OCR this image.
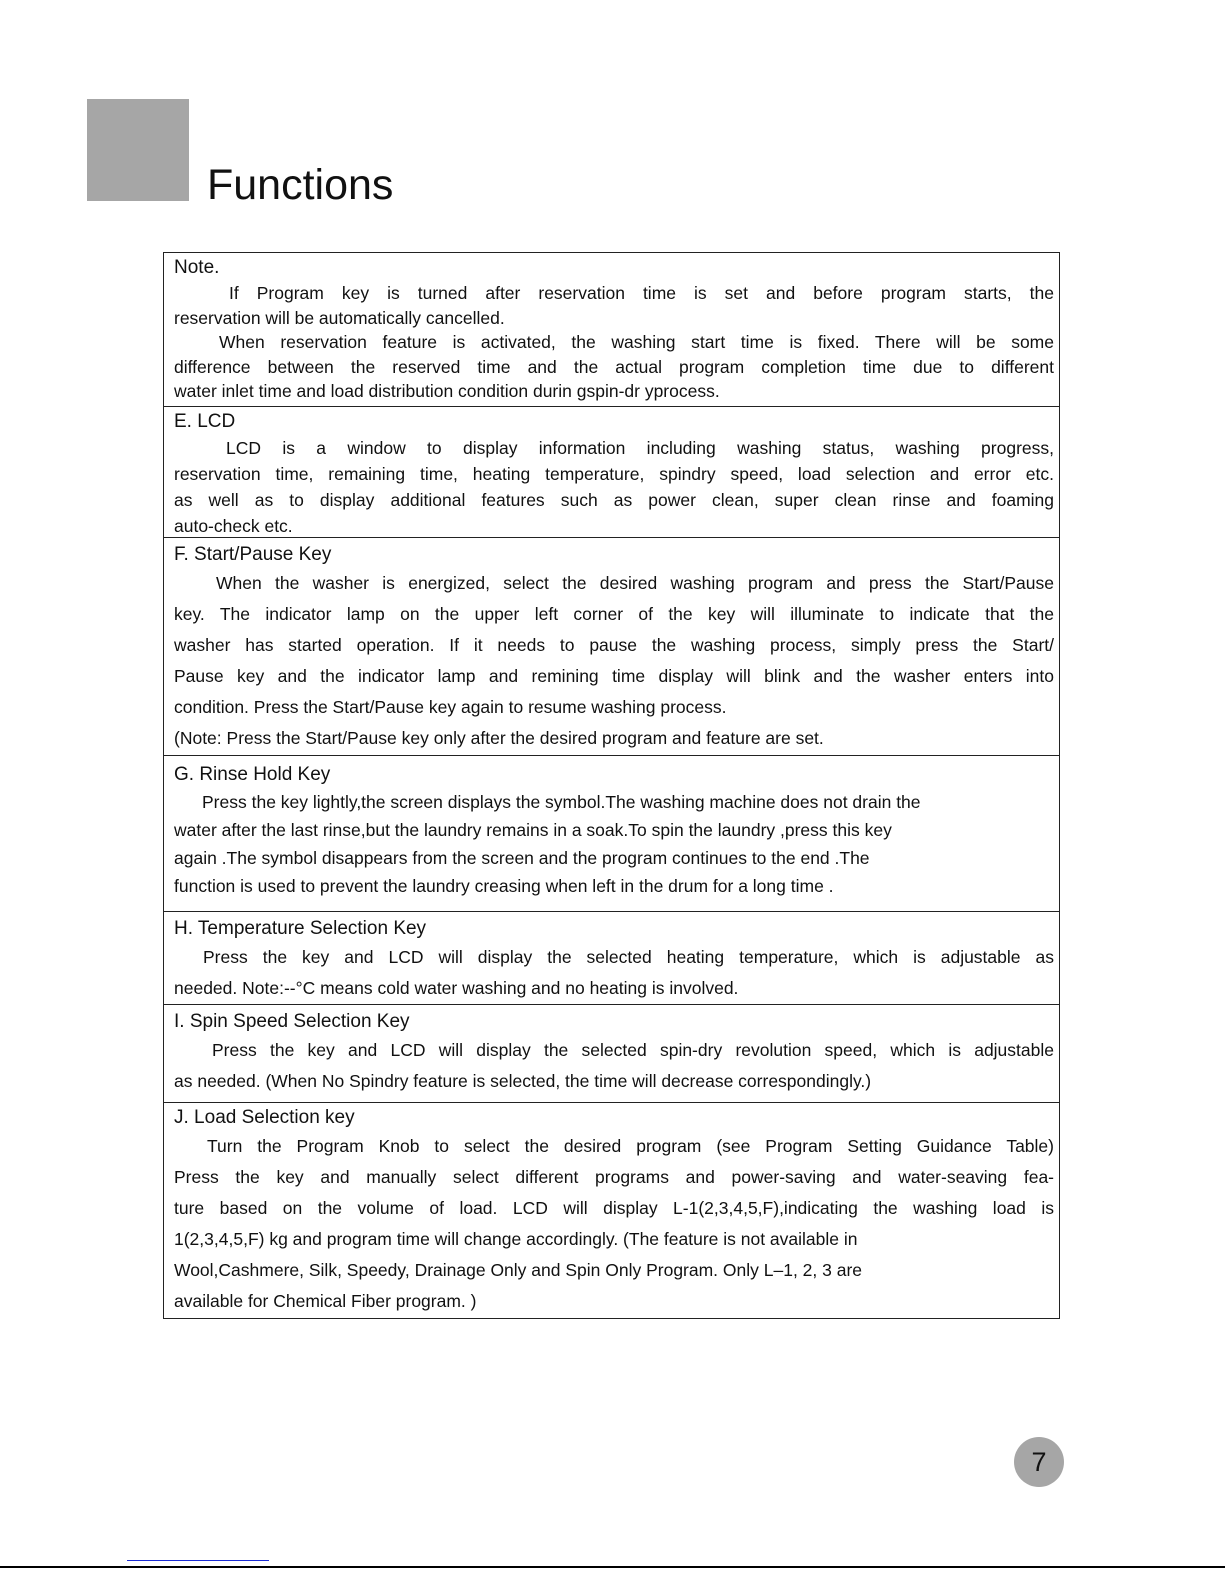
Functions
Note.
If Program key is turned after reservation time is set and before program starts, the
reservation will be automatically cancelled.
When reservation feature is activated, the washing start time is fixed. There will be some
difference between the reserved time and the actual program completion time due to different
water inlet time and load distribution condition durin gspin-dr yprocess.
E. LCD
LCD is a window to display information including washing status, washing progress,
reservation time, remaining time, heating temperature, spindry speed, load selection and error etc.
as well as to display additional features such as power clean, super clean rinse and foaming
auto-check etc.
F. Start/Pause Key
When the washer is energized, select the desired washing program and press the Start/Pause
key. The indicator lamp on the upper left corner of the key will illuminate to indicate that the
washer has started operation. If it needs to pause the washing process, simply press the Start/
Pause key and the indicator lamp and remining time display will blink and the washer enters into
condition. Press the Start/Pause key again to resume washing process.
(Note: Press the Start/Pause key only after the desired program and feature are set.
G. Rinse Hold Key
Press the key lightly,the screen displays the symbol.The washing machine does not drain the
water after the last rinse,but the laundry remains in a soak.To spin the laundry ,press this key
again .The symbol disappears from the screen and the program continues to the end .The
function is used to prevent the laundry creasing when left in the drum for a long time .
H. Temperature Selection Key
Press the key and LCD will display the selected heating temperature, which is adjustable as
needed. Note:--°C means cold water washing and no heating is involved.
I. Spin Speed Selection Key
Press the key and LCD will display the selected spin-dry revolution speed, which is adjustable
as needed. (When No Spindry feature is selected, the time will decrease correspondingly.)
J. Load Selection key
Turn the Program Knob to select the desired program (see Program Setting Guidance Table)
Press the key and manually select different programs and power-saving and water-seaving fea-
ture based on the volume of load. LCD will display L-1(2,3,4,5,F),indicating the washing load is
1(2,3,4,5,F) kg and program time will change accordingly. (The feature is not available in
Wool,Cashmere, Silk, Speedy, Drainage Only and Spin Only Program. Only L–1, 2, 3 are
available for Chemical Fiber program. )
7
